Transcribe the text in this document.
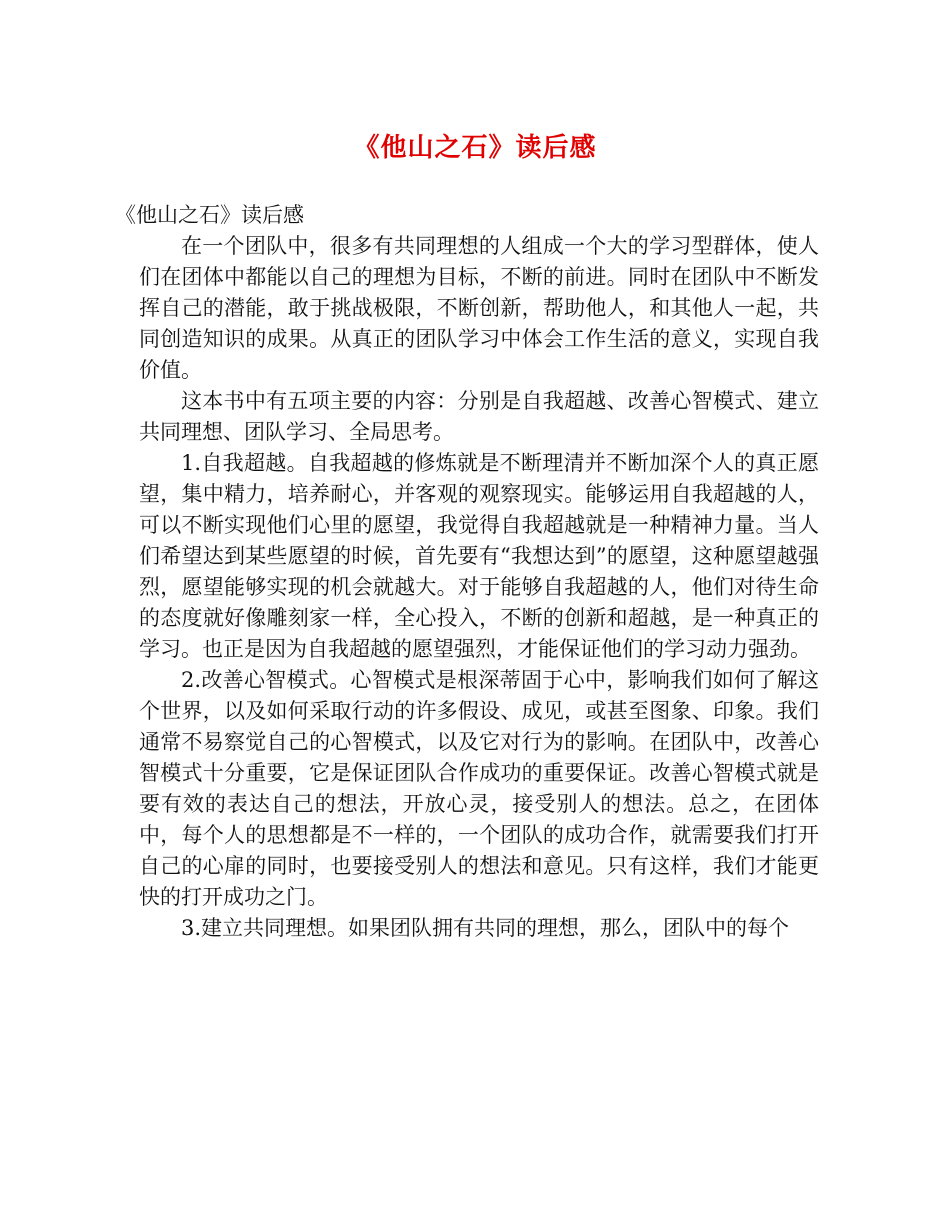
《他山之石》读后感

《他山之石》读后感

在一个团队中，很多有共同理想的人组成一个大的学习型群体，使人们在团体中都能以自己的理想为目标，不断的前进。同时在团队中不断发挥自己的潜能，敢于挑战极限，不断创新，帮助他人，和其他人一起，共同创造知识的成果。从真正的团队学习中体会工作生活的意义，实现自我价值。

这本书中有五项主要的内容：分别是自我超越、改善心智模式、建立共同理想、团队学习、全局思考。

1.自我超越。自我超越的修炼就是不断理清并不断加深个人的真正愿望，集中精力，培养耐心，并客观的观察现实。能够运用自我超越的人，可以不断实现他们心里的愿望，我觉得自我超越就是一种精神力量。当人们希望达到某些愿望的时候，首先要有“我想达到”的愿望，这种愿望越强烈，愿望能够实现的机会就越大。对于能够自我超越的人，他们对待生命的态度就好像雕刻家一样，全心投入，不断的创新和超越，是一种真正的学习。也正是因为自我超越的愿望强烈，才能保证他们的学习动力强劲。

2.改善心智模式。心智模式是根深蒂固于心中，影响我们如何了解这个世界，以及如何采取行动的许多假设、成见，或甚至图象、印象。我们通常不易察觉自己的心智模式，以及它对行为的影响。在团队中，改善心智模式十分重要，它是保证团队合作成功的重要保证。改善心智模式就是要有效的表达自己的想法，开放心灵，接受别人的想法。总之，在团体中，每个人的思想都是不一样的，一个团队的成功合作，就需要我们打开自己的心扉的同时，也要接受别人的想法和意见。只有这样，我们才能更快的打开成功之门。

3.建立共同理想。如果团队拥有共同的理想，那么，团队中的每个
